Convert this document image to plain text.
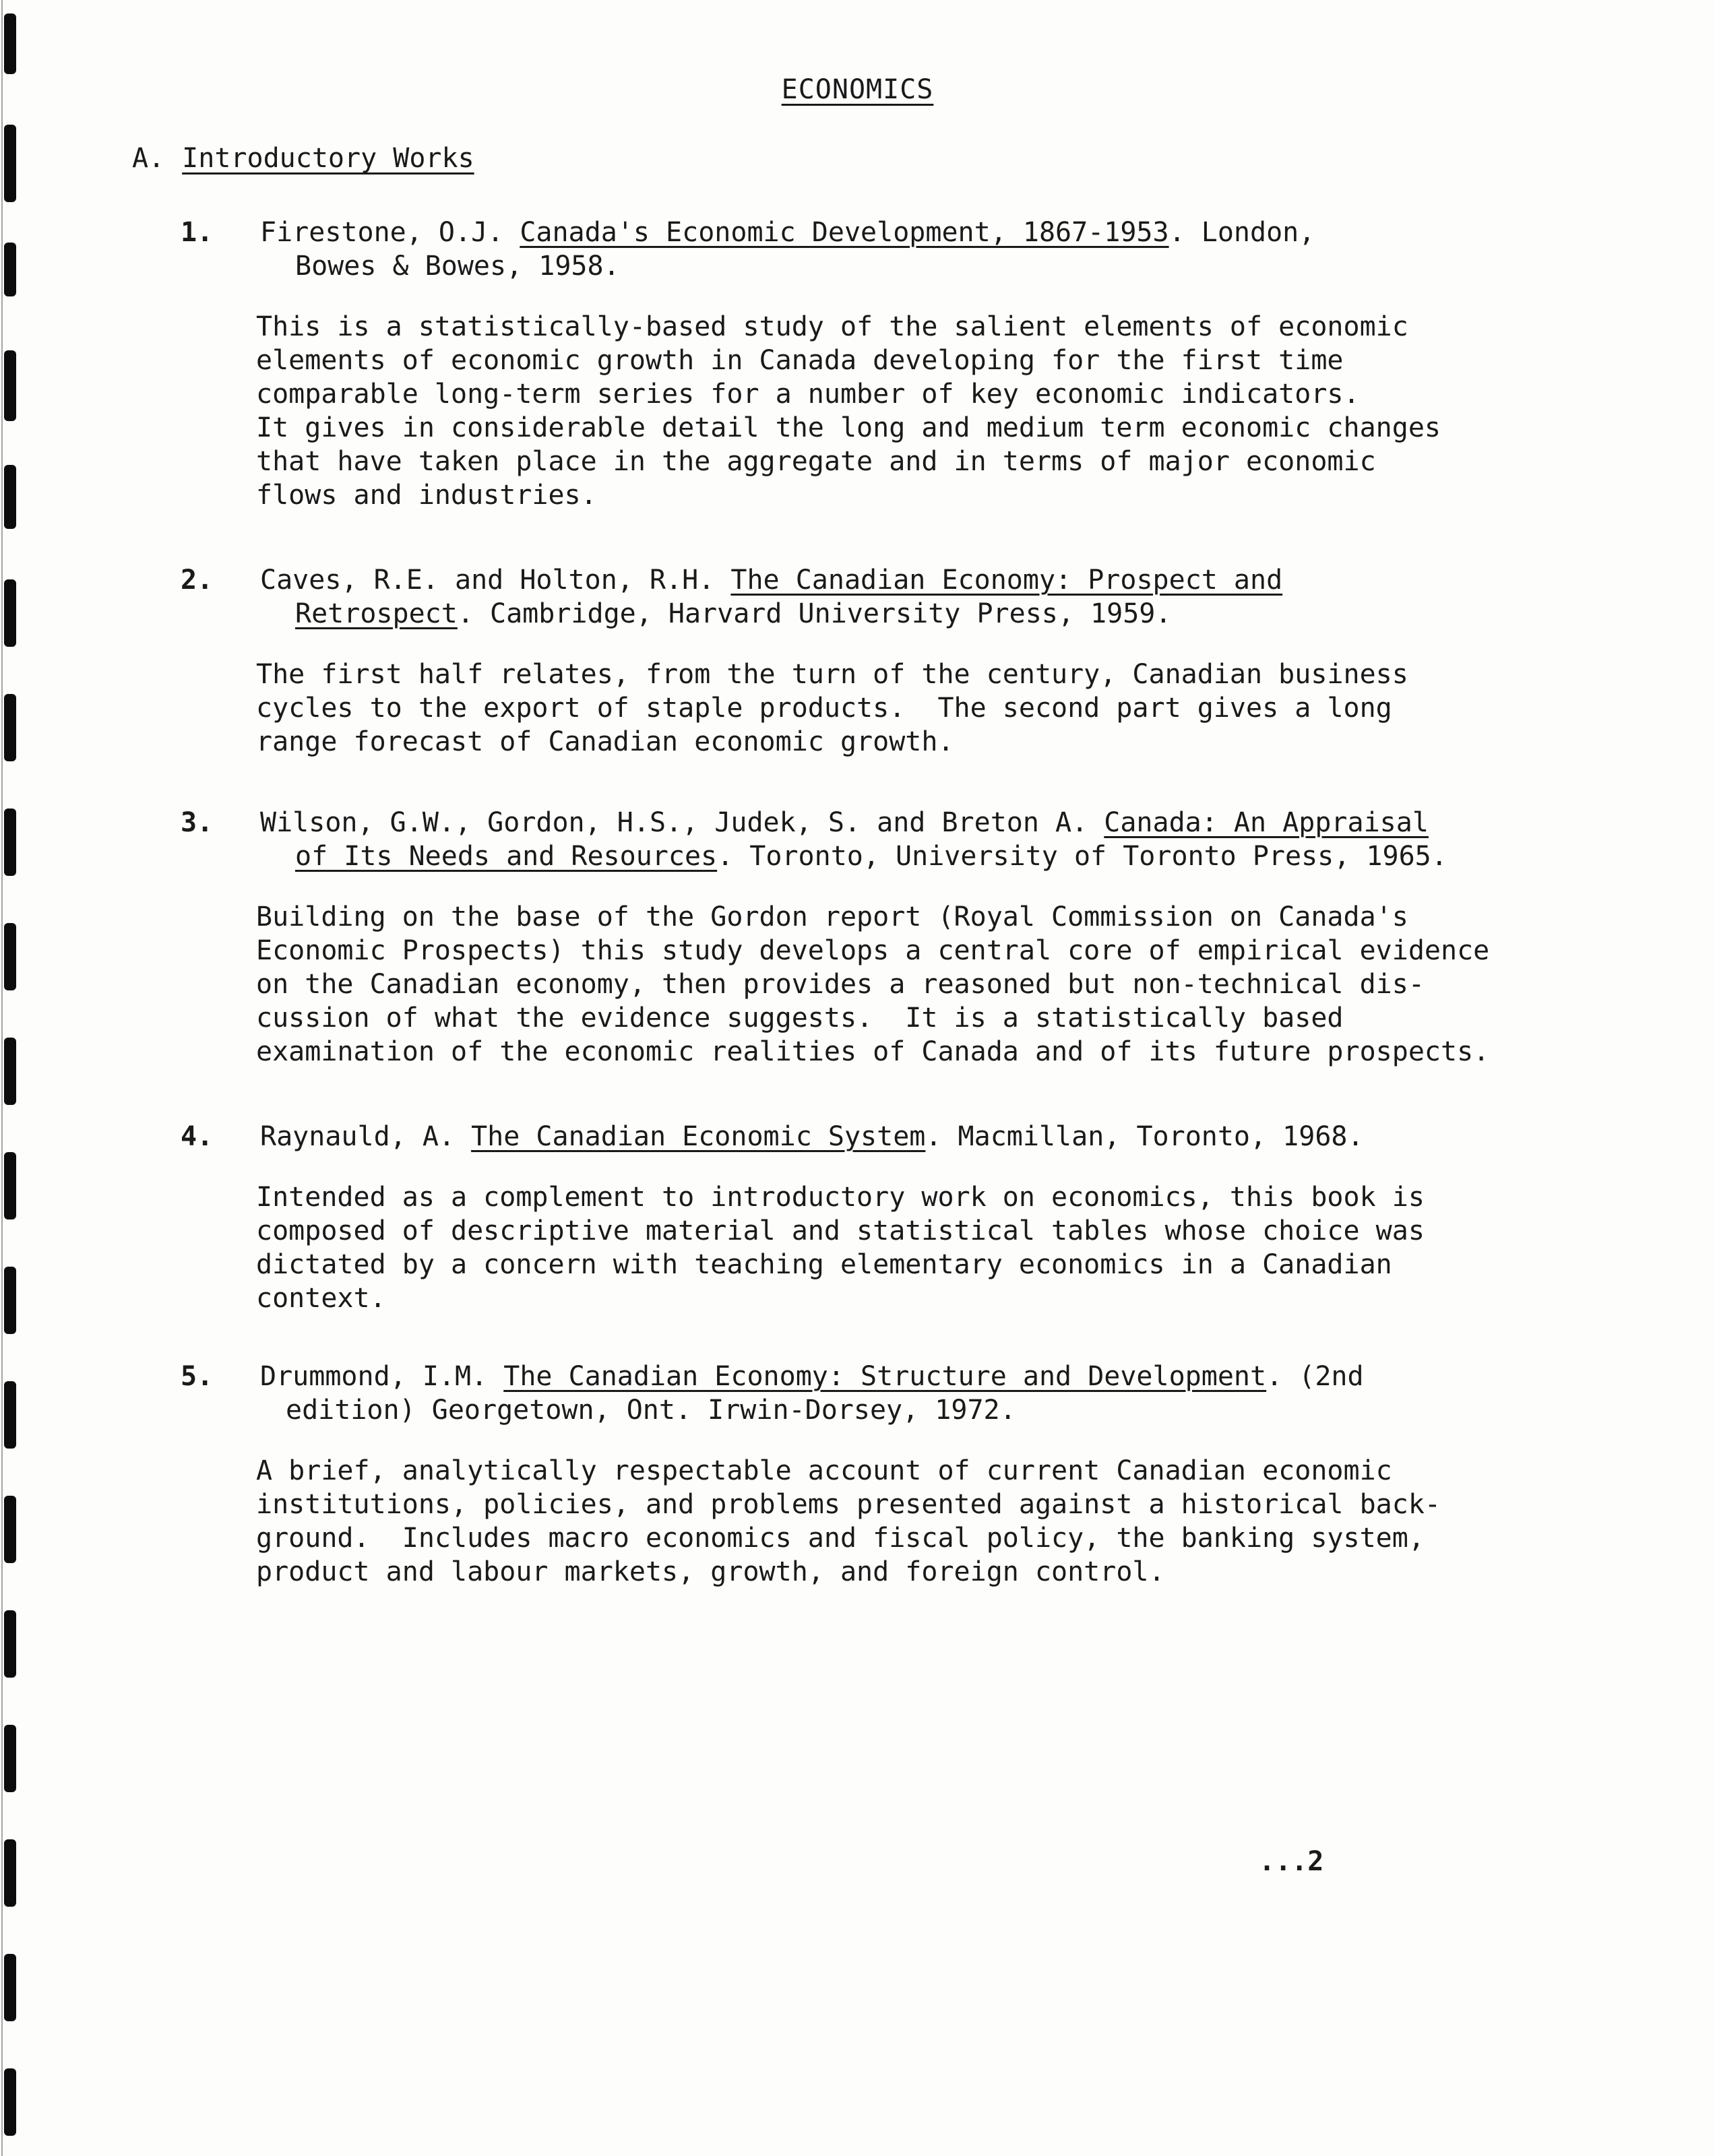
ECONOMICS
A. Introductory Works
1.	Firestone, O.J. Canada's Economic Development, 1867-1953. London,
Bowes & Bowes, 1958.
This is a statistically-based study of the salient elements of economic
elements of economic growth in Canada developing for the first time
comparable long-term series for a number of key economic indicators.
It gives in considerable detail the long and medium term economic changes
that have taken place in the aggregate and in terms of major economic
flows and industries.
2.	Caves, R.E. and Holton, R.H. The Canadian Economy: Prospect and
Retrospect. Cambridge, Harvard University Press, 1959.
The first half relates, from the turn of the century, Canadian business
cycles to the export of staple products.  The second part gives a long
range forecast of Canadian economic growth.
3.	Wilson, G.W., Gordon, H.S., Judek, S. and Breton A. Canada: An Appraisal
of Its Needs and Resources. Toronto, University of Toronto Press, 1965.
Building on the base of the Gordon report (Royal Commission on Canada's
Economic Prospects) this study develops a central core of empirical evidence
on the Canadian economy, then provides a reasoned but non-technical dis-
cussion of what the evidence suggests.  It is a statistically based
examination of the economic realities of Canada and of its future prospects.
4.	Raynauld, A. The Canadian Economic System. Macmillan, Toronto, 1968.
Intended as a complement to introductory work on economics, this book is
composed of descriptive material and statistical tables whose choice was
dictated by a concern with teaching elementary economics in a Canadian
context.
5.	Drummond, I.M. The Canadian Economy: Structure and Development. (2nd
edition) Georgetown, Ont. Irwin-Dorsey, 1972.
A brief, analytically respectable account of current Canadian economic
institutions, policies, and problems presented against a historical back-
ground.  Includes macro economics and fiscal policy, the banking system,
product and labour markets, growth, and foreign control.
...2
